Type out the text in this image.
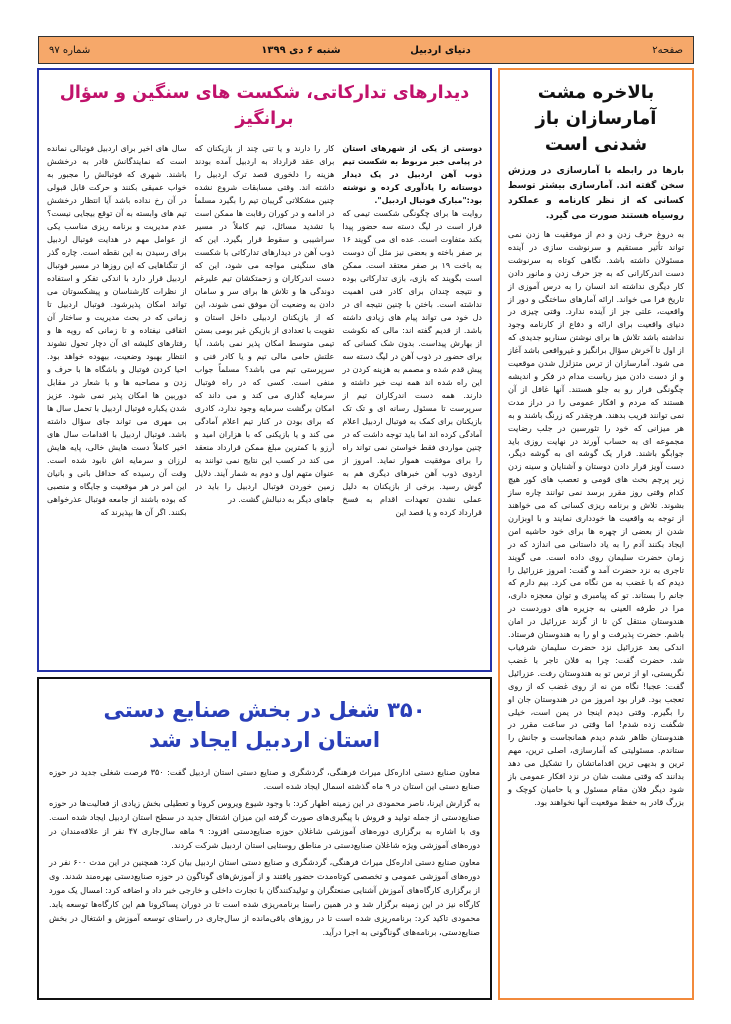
صفحه۲
دنیای اردبیل                    شنبه ۶ دی ۱۳۹۹
شماره ۹۷
بالاخره مشت آمارسازان باز شدنی است

بارها در رابطه با آمارسازی در ورزش سخن گفته اند. آمارسازی بیشتر توسط کسانی که از نظر کارنامه و عملکرد روسیاه هستند صورت می گیرد.

به دروغ حرف زدن و دم از موفقیت ها زدن نمی تواند تأثیر مستقیم و سرنوشت سازی در آینده مسئولان داشته باشد. نگاهی کوتاه به سرنوشت دست اندرکارانی که به جز حرف زدن و مانور دادن کار دیگری نداشته اند انسان را به درس آموزی از تاریخ فرا می خواند. ارائه آمارهای ساختگی و دور از واقعیت، علتی جز از آینده ندارد. وقتی چیزی در دنیای واقعیت برای ارائه و دفاع از کارنامه وجود نداشته باشد تلاش ها برای نوشتن سناریو جدیدی که از اول تا آخرش سؤال برانگیز و غیرواقعی باشد آغاز می شود. آمارسازان از ترس متزلزل شدن موقعیت و از دست دادن میز ریاست مدام در فکر و اندیشه چگونگی فرار رو به جلو هستند. آنها غافل از آن هستند که مردم و افکار عمومی را در دراز مدت نمی توانند فریب بدهند. هرچقدر که زرنگ باشند و به هر میزانی که خود را تئورسین در جلب رضایت مجموعه ای به حساب آورند در نهایت روزی باید جوابگو باشند. قرار یک گوشه ای به گوشه دیگر، دست آویز قرار دادن دوستان و آشنایان و سینه زدن زیر پرچم بحث های قومی و تعصب های کور هیچ کدام وقتی روز مقرر برسد نمی توانند چاره ساز بشوند. تلاش و برنامه ریزی کسانی که می خواهند از توجه به واقعیت ها خودداری نمایند و با اوبزارن شدن از بعضی از چهره ها برای خود حاشیه امن ایجاد بکنند آدم را به یاد داستانی می اندازد که در زمان حضرت سلیمان روی داده است. می گویند تاجری به نزد حضرت آمد و گفت: امروز عزرائیل را دیدم که با غضب به من نگاه می کرد. بیم دارم که جانم را بستاند. تو که پیامبری و توان معجزه داری، مرا در طرفه العینی به جزیره های دوردست در هندوستان منتقل کن تا از گزند عزرائیل در امان باشم. حضرت پذیرفت و او را به هندوستان فرستاد. اندکی بعد عزرائیل نزد حضرت سلیمان شرفیاب شد. حضرت گفت: چرا به فلان تاجر با غضب نگریستی، او از ترس تو به هندوستان رفت. عزرائیل گفت: عجبا! نگاه من نه از روی غضب که از روی تعجب بود. قرار بود امروز من در هندوستان جان او را بگیرم. وقتی دیدم اینجا در یمن است، خیلی شگفت زده شدم! اما وقتی در ساعت مقرر در هندوستان ظاهر شدم دیدم همانجاست و جانش را ستاندم. مسئولیتی که آمارسازی، اصلی ترین، مهم ترین و بدیهی ترین اقداماتشان را تشکیل می دهد بدانند که وقتی مشت شان در نزد افکار عمومی باز شود دیگر فلان مقام مسئول و یا حامیان کوچک و بزرگ قادر به حفظ موقعیت آنها نخواهند بود.

دیدارهای تدارکاتی، شکست های سنگین و سؤال برانگیز
دوستی از یکی از شهرهای استان در پیامی خبر مربوط به شکست تیم ذوب آهن اردبیل در یک دیدار دوستانه را یادآوری کرده و نوشته بود:"مبارک فوتبال اردبیل".
روایت ها برای چگونگی شکست تیمی که قرار است در لیگ دسته سه حضور پیدا بکند متفاوت است. عده ای می گویند ۱۶ بر صفر باخته و بعضی نیز مثل آن دوست به باخت ۱۹ بر صفر معتقد است. ممکن است بگویند که بازی، بازی تدارکاتی بوده و نتیجه چندان برای کادر فنی اهمیت نداشته است. باختن با چنین نتیجه ای در دل خود می تواند پیام های زیادی داشته باشد. از قدیم گفته اند: مالی که نکوشت از بهارش پیداست. بدون شک کسانی که برای حضور در ذوب آهن در لیگ دسته سه پیش قدم شده و مصمم به هزینه کردن در این راه شده اند همه نیت خیر داشته و دارند. همه دست اندرکاران تیم از سرپرست تا مسئول رسانه ای و تک تک بازیکنان برای کمک به فوتبال اردبیل اعلام آمادگی کرده اند اما باید توجه داشت که در چنین مواردی فقط خواستن نمی تواند راه را برای موفقیت هموار نماید. امروز از اردوی ذوب آهن خبرهای دیگری هم به گوش رسید. برخی از بازیکنان به دلیل عملی نشدن تعهدات اقدام به فسخ قرارداد کرده و یا قصد این
کار را دارند و یا تنی چند از بازیکنان که برای عقد قرارداد به اردبیل آمده بودند هزینه را دلخوری قصد ترک اردبیل را داشته اند. وقتی مسابقات شروع نشده چنین مشکلاتی گریبان تیم را بگیرد مسلماً در ادامه و در کوران رقابت ها ممکن است با تشدید مسائل، تیم کاملاً در مسیر سراشیبی و سقوط قرار بگیرد. این که ذوب آهن در دیدارهای تدارکاتی با شکست های سنگینی مواجه می شود، این که دست اندرکاران و زحمتکشان تیم علیرغم دوندگی ها و تلاش ها برای سر و سامان دادن به وضعیت آن موفق نمی شوند، این که از بازیکنان اردبیلی داخل استان و تقویت با تعدادی از بازیکن غیر بومی بستن تیمی متوسط امکان پذیر نمی باشد، آیا علتش حامی مالی تیم و یا کادر فنی و سرپرستی تیم می باشد؟ مسلماً جواب منفی است. کسی که در راه فوتبال سرمایه گذاری می کند و می داند که امکان برگشت سرمایه وجود ندارد، کادری که برای بودن در کنار تیم اعلام آمادگی می کند و یا بازیکنی که با هزاران امید و آرزو با کمترین مبلغ ممکن قرارداد منعقد می کند در کسب این نتایج نمی توانند به عنوان متهم اول و دوم به شمار آیند. دلایل زمین خوردن فوتبال اردبیل را باید در جاهای دیگر به دنبالش گشت. در
سال های اخیر برای اردبیل فوتبالی نمانده است که نمایندگانش قادر به درخشش باشند. شهری که فوتبالش را مجبور به خواب عمیقی بکنند و حرکت قابل قبولی در آن رخ نداده باشد آیا انتظار درخشش تیم های وابسته به آن توقع بیجایی نیست؟ عدم مدیریت و برنامه ریزی مناسب یکی از عوامل مهم در هدایت فوتبال اردبیل برای رسیدن به این نقطه است. چاره گذر از تنگناهایی که این روزها در مسیر فوتبال اردبیل قرار دارد با اندکی تفکر و استفاده از نظرات کارشناسان و پیشکسوتان می تواند امکان پذیرشود. فوتبال اردبیل تا زمانی که در بحث مدیریت و ساختار آن اتفاقی نیفتاده و تا زمانی که رویه ها و رفتارهای کلیشه ای آن دچار تحول نشوند انتظار بهبود وضعیت، بیهوده خواهد بود. احیا کردن فوتبال و باشگاه ها با حرف و زدن و مصاحبه ها و با شعار در مقابل دوربین ها امکان پذیر نمی شود. عزیز شدن یکباره فوتبال اردبیل با تحمل سال ها بی مهری می تواند جای سؤال داشته باشد. فوتبال اردبیل با اقدامات سال های اخیر کاملاً دست هایش خالی، پایه هایش لرزان و سرمایه اش نابود شده است. وقت آن رسیده که حداقل بانی و بانیان این امر در هر موقعیت و جایگاه و منصبی که بوده باشند از جامعه فوتبال عذرخواهی بکنند. اگر آن ها بپذیرند که
۳۵۰ شغل در بخش صنایع دستی
استان اردبیل ایجاد شد

معاون صنایع دستی اداره‌کل میراث فرهنگی، گردشگری و صنایع دستی استان اردبیل گفت: ۳۵۰ فرصت شغلی جدید در حوزه صنایع دستی این استان در ۹ ماه گذشته اسمال ایجاد شده است.

به گزارش ایرنا، ناصر محمودی در این زمینه اظهار کرد: با وجود شیوع ویروس کرونا و تعطیلی بخش زیادی از فعالیت‌ها در حوزه صنایع‌دستی از جمله تولید و فروش با پیگیری‌های صورت گرفته این میزان اشتغال جدید در سطح استان اردبیل ایجاد شده است. وی با اشاره به برگزاری دوره‌های آموزشی شاغلان حوزه صنایع‌دستی افزود: ۹ ماهه سال‌جاری ۴۷ نفر از علاقه‌مندان در دوره‌های آموزشی ویژه شاغلان صنایع‌دستی در مناطق روستایی استان اردبیل شرکت کردند.

معاون صنایع دستی اداره‌کل میراث فرهنگی، گردشگری و صنایع دستی استان اردبیل بیان کرد: همچنین در این مدت ۶۰۰ نفر در دوره‌های آموزشی عمومی و تخصصی کوتاه‌مدت حضور یافتند و از آموزش‌های گوناگون در حوزه صنایع‌دستی بهره‌مند شدند. وی از برگزاری کارگاه‌های آموزش آشنایی صنعتگران و تولیدکنندگان با تجارت داخلی و خارجی خبر داد و اضافه کرد: امسال یک مورد کارگاه نیز در این زمینه برگزار شد و در همین راستا برنامه‌ریزی شده است تا در دوران پساکرونا هم این کارگاه‌ها توسعه یابد. محمودی تاکید کرد: برنامه‌ریزی شده است تا در روزهای باقی‌مانده از سال‌جاری در راستای توسعه آموزش و اشتغال در بخش صنایع‌دستی، برنامه‌های گوناگونی به اجرا درآید.
